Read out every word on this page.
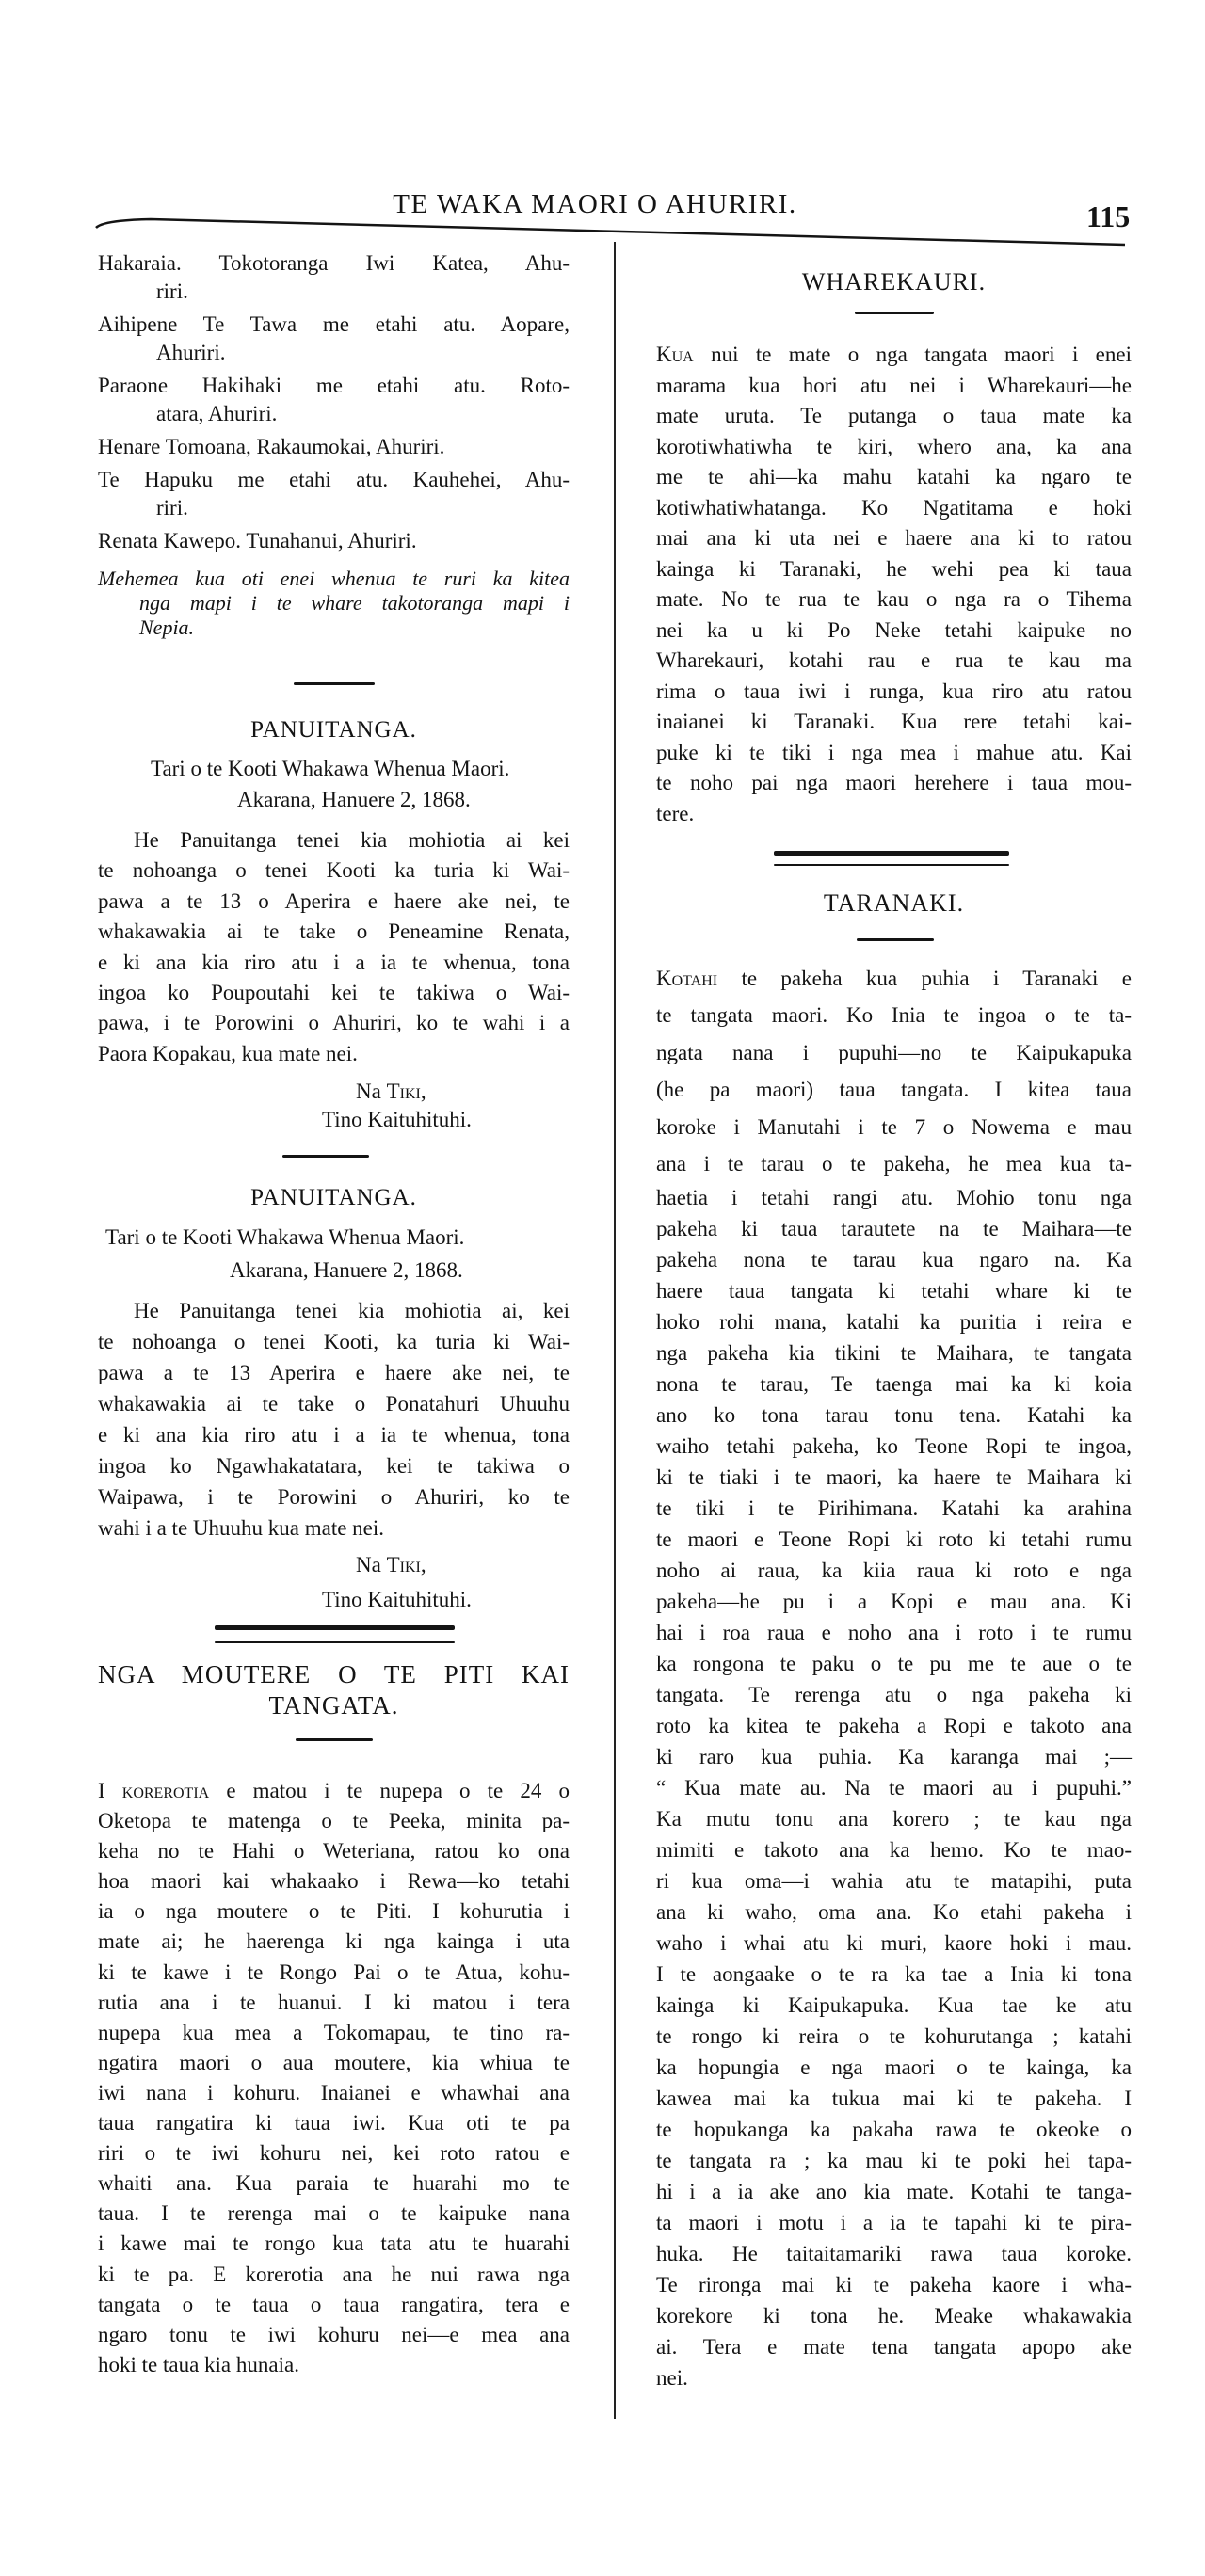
TE WAKA MAORI O AHURIRI.	115
Hakaraia. Tokotoranga Iwi Katea, Ahu-
riri.
Aihipene Te Tawa me etahi atu. Aopare,
Ahuriri.
Paraone Hakihaki me etahi atu. Roto-
atara, Ahuriri.
Henare Tomoana, Rakaumokai, Ahuriri.
Te Hapuku me etahi atu. Kauhehei, Ahu-
riri.
Renata Kawepo. Tunahanui, Ahuriri.
Mehemea kua oti enei whenua te ruri ka kitea
nga mapi i te whare takotoranga mapi i
Nepia.
PANUITANGA.
Tari o te Kooti Whakawa Whenua Maori.
Akarana, Hanuere 2, 1868.
He Panuitanga tenei kia mohiotia ai kei
te nohoanga o tenei Kooti ka turia ki Wai-
pawa a te 13 o Aperira e haere ake nei, te
whakawakia ai te take o Peneamine Renata,
e ki ana kia riro atu i a ia te whenua, tona
ingoa ko Poupoutahi kei te takiwa o Wai-
pawa, i te Porowini o Ahuriri, ko te wahi i a
Paora Kopakau, kua mate nei.
Na Tiki,
Tino Kaituhituhi.
PANUITANGA.
Tari o te Kooti Whakawa Whenua Maori.
Akarana, Hanuere 2, 1868.
He Panuitanga tenei kia mohiotia ai, kei
te nohoanga o tenei Kooti, ka turia ki Wai-
pawa a te 13 Aperira e haere ake nei, te
whakawakia ai te take o Ponatahuri Uhuuhu
e ki ana kia riro atu i a ia te whenua, tona
ingoa ko Ngawhakatatara, kei te takiwa o
Waipawa, i te Porowini o Ahuriri, ko te
wahi i a te Uhuuhu kua mate nei.
Na Tiki,
Tino Kaituhituhi.
NGA MOUTERE O TE PITI KAI
TANGATA.
I korerotia e matou i te nupepa o te 24 o
Oketopa te matenga o te Peeka, minita pa-
keha no te Hahi o Weteriana, ratou ko ona
hoa maori kai whakaako i Rewa—ko tetahi
ia o nga moutere o te Piti. I kohurutia i
mate ai; he haerenga ki nga kainga i uta
ki te kawe i te Rongo Pai o te Atua, kohu-
rutia ana i te huanui. I ki matou i tera
nupepa kua mea a Tokomapau, te tino ra-
ngatira maori o aua moutere, kia whiua te
iwi nana i kohuru. Inaianei e whawhai ana
taua rangatira ki taua iwi. Kua oti te pa
riri o te iwi kohuru nei, kei roto ratou e
whaiti ana. Kua paraia te huarahi mo te
taua. I te rerenga mai o te kaipuke nana
i kawe mai te rongo kua tata atu te huarahi
ki te pa. E korerotia ana he nui rawa nga
tangata o te taua o taua rangatira, tera e
ngaro tonu te iwi kohuru nei—e mea ana
hoki te taua kia hunaia.
WHAREKAURI.
Kua nui te mate o nga tangata maori i enei
marama kua hori atu nei i Wharekauri—he
mate uruta. Te putanga o taua mate ka
korotiwhatiwha te kiri, whero ana, ka ana
me te ahi—ka mahu katahi ka ngaro te
kotiwhatiwhatanga. Ko Ngatitama e hoki
mai ana ki uta nei e haere ana ki to ratou
kainga ki Taranaki, he wehi pea ki taua
mate. No te rua te kau o nga ra o Tihema
nei ka u ki Po Neke tetahi kaipuke no
Wharekauri, kotahi rau e rua te kau ma
rima o taua iwi i runga, kua riro atu ratou
inaianei ki Taranaki. Kua rere tetahi kai-
puke ki te tiki i nga mea i mahue atu. Kai
te noho pai nga maori herehere i taua mou-
tere.
TARANAKI.
Kotahi te pakeha kua puhia i Taranaki e
te tangata maori. Ko Inia te ingoa o te ta-
ngata nana i pupuhi—no te Kaipukapuka
(he pa maori) taua tangata. I kitea taua
koroke i Manutahi i te 7 o Nowema e mau
ana i te tarau o te pakeha, he mea kua ta-
haetia i tetahi rangi atu. Mohio tonu nga
pakeha ki taua tarautete na te Maihara—te
pakeha nona te tarau kua ngaro na. Ka
haere taua tangata ki tetahi whare ki te
hoko rohi mana, katahi ka puritia i reira e
nga pakeha kia tikini te Maihara, te tangata
nona te tarau, Te taenga mai ka ki koia
ano ko tona tarau tonu tena. Katahi ka
waiho tetahi pakeha, ko Teone Ropi te ingoa,
ki te tiaki i te maori, ka haere te Maihara ki
te tiki i te Pirihimana. Katahi ka arahina
te maori e Teone Ropi ki roto ki tetahi rumu
noho ai raua, ka kiia raua ki roto e nga
pakeha—he pu i a Kopi e mau ana. Ki
hai i roa raua e noho ana i roto i te rumu
ka rongona te paku o te pu me te aue o te
tangata. Te rerenga atu o nga pakeha ki
roto ka kitea te pakeha a Ropi e takoto ana
ki raro kua puhia. Ka karanga mai ;—
“ Kua mate au. Na te maori au i pupuhi.”
Ka mutu tonu ana korero ; te kau nga
mimiti e takoto ana ka hemo. Ko te mao-
ri kua oma—i wahia atu te matapihi, puta
ana ki waho, oma ana. Ko etahi pakeha i
waho i whai atu ki muri, kaore hoki i mau.
I te aongaake o te ra ka tae a Inia ki tona
kainga ki Kaipukapuka. Kua tae ke atu
te rongo ki reira o te kohurutanga ; katahi
ka hopungia e nga maori o te kainga, ka
kawea mai ka tukua mai ki te pakeha. I
te hopukanga ka pakaha rawa te okeoke o
te tangata ra ; ka mau ki te poki hei tapa-
hi i a ia ake ano kia mate. Kotahi te tanga-
ta maori i motu i a ia te tapahi ki te pira-
huka. He taitaitamariki rawa taua koroke.
Te rironga mai ki te pakeha kaore i wha-
korekore ki tona he. Meake whakawakia
ai. Tera e mate tena tangata apopo ake
nei.
